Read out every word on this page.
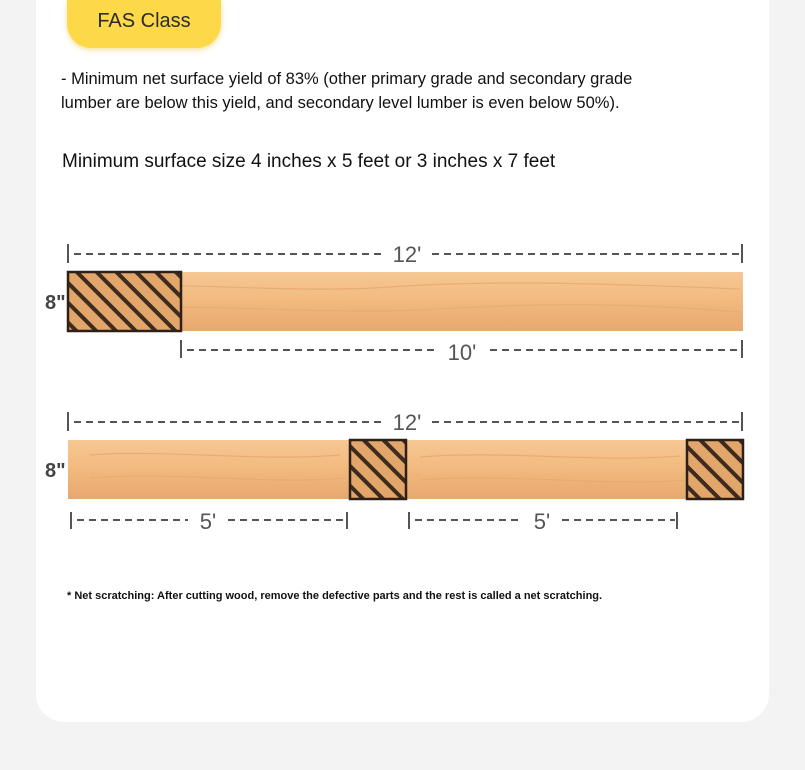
FAS Class
- Minimum net surface yield of 83% (other primary grade and secondary grade lumber are below this yield, and secondary level lumber is even below 50%).
Minimum surface size 4 inches x 5 feet or 3 inches x 7 feet
12'
8"
10'
12'
8"
5'	5'
* Net scratching: After cutting wood, remove the defective parts and the rest is called a net scratching.
